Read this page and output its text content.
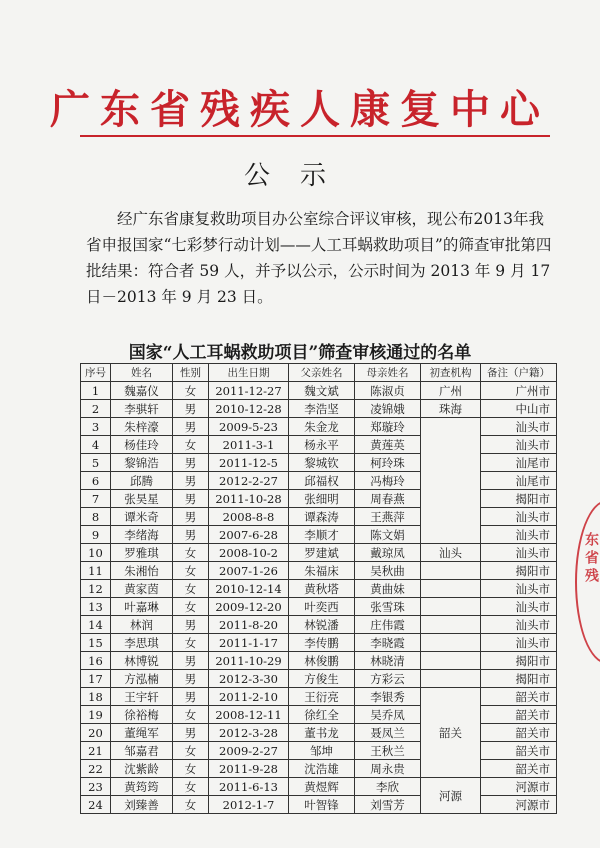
广东省残疾人康复中心
公示

经广东省康复救助项目办公室综合评议审核，现公布2013年我省申报国家“七彩梦行动计划——人工耳蜗救助项目”的筛查审批第四批结果：符合者 59 人，并予以公示，公示时间为 2013 年 9 月 17 日－2013 年 9 月 23 日。

国家“人工耳蜗救助项目”筛查审核通过的名单
序号	姓名	性别	出生日期	父亲姓名	母亲姓名	初查机构	备注（户籍）
1	魏嘉仪	女	2011-12-27	魏文斌	陈淑贞	广州	广州市
2	李骐轩	男	2010-12-28	李浩坚	凌锦娥	珠海	中山市
3	朱梓濠	男	2009-5-23	朱金龙	郑璇玲		汕头市
4	杨佳玲	女	2011-3-1	杨永平	黄莲英		汕头市
5	黎锦浩	男	2011-12-5	黎城钦	柯玲珠		汕尾市
6	邱腾	男	2012-2-27	邱福权	冯梅玲		汕尾市
7	张昊星	男	2011-10-28	张细明	周春燕		揭阳市
8	谭米奇	男	2008-8-8	谭森涛	王燕萍		汕头市
9	李绪海	男	2007-6-28	李顺才	陈文娟		汕头市
10	罗雅琪	女	2008-10-2	罗建斌	戴琼凤	汕头	汕头市
11	朱湘怡	女	2007-1-26	朱福床	吴秋曲		揭阳市
12	黄家茵	女	2010-12-14	黄秋塔	黄曲妹		汕头市
13	叶嘉琳	女	2009-12-20	叶奕西	张雪珠		汕头市
14	林润	男	2011-8-20	林锐潘	庄伟霞		汕头市
15	李思琪	女	2011-1-17	李传鹏	李晓霞		汕头市
16	林博锐	男	2011-10-29	林俊鹏	林晓清		揭阳市
17	方泓楠	男	2012-3-30	方俊生	方彩云		揭阳市
18	王宇轩	男	2011-2-10	王衍亮	李银秀	韶关	韶关市
19	徐裕梅	女	2008-12-11	徐红全	吴乔凤		韶关市
20	董绳军	男	2012-3-28	董书龙	聂凤兰		韶关市
21	邹嘉君	女	2009-2-27	邹坤	王秋兰		韶关市
22	沈紫龄	女	2011-9-28	沈浩雄	周永贵		韶关市
23	黄筠筠	女	2011-6-13	黄煜辉	李欣	河源	河源市
24	刘臻善	女	2012-1-7	叶智锋	刘雪芳		河源市
东省残
